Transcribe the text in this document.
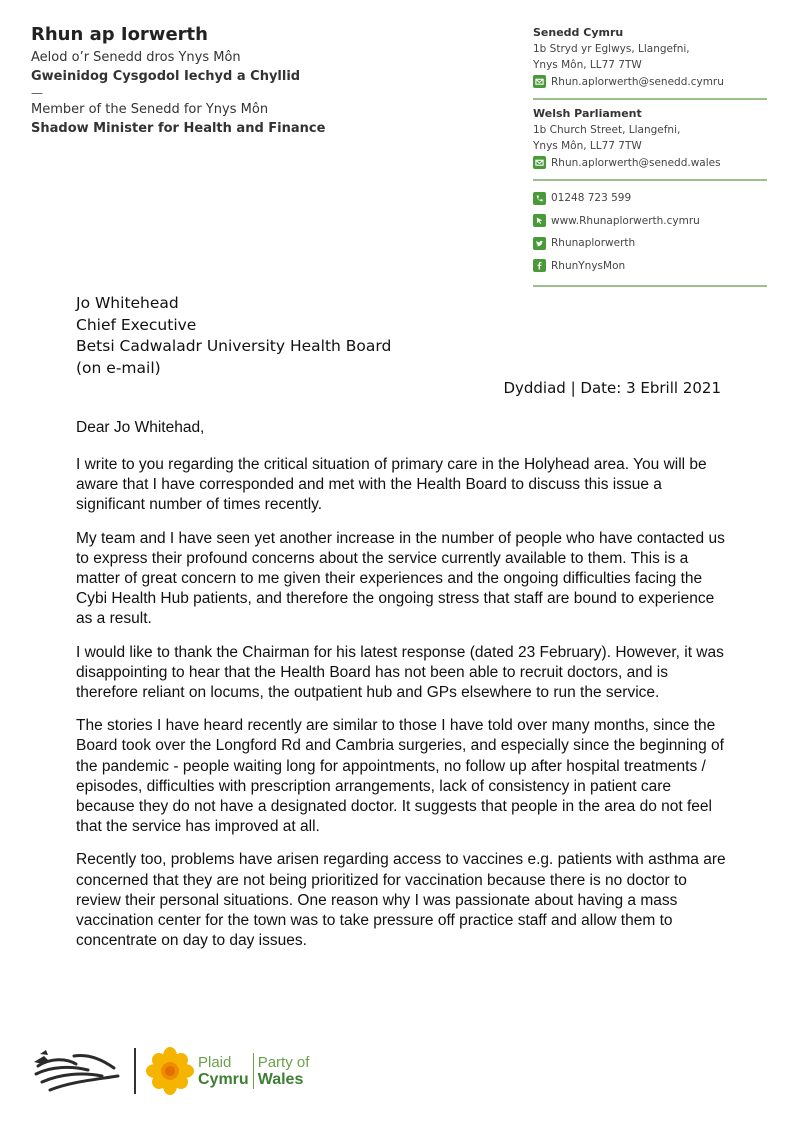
Rhun ap Iorwerth
Aelod o’r Senedd dros Ynys Môn
Gweinidog Cysgodol Iechyd a Chyllid
—
Member of the Senedd for Ynys Môn
Shadow Minister for Health and Finance
Senedd Cymru
1b Stryd yr Eglwys, Llangefni,
Ynys Môn, LL77 7TW
Rhun.aplorwerth@senedd.cymru
Welsh Parliament
1b Church Street, Llangefni,
Ynys Môn, LL77 7TW
Rhun.aplorwerth@senedd.wales
01248 723 599
www.Rhunaplorwerth.cymru
Rhunaplorwerth
RhunYnysMon
Jo Whitehead
Chief Executive
Betsi Cadwaladr University Health Board
(on e-mail)
Dyddiad | Date: 3 Ebrill 2021
Dear Jo Whitehad,

I write to you regarding the critical situation of primary care in the Holyhead area. You will be aware that I have corresponded and met with the Health Board to discuss this issue a significant number of times recently.

My team and I have seen yet another increase in the number of people who have contacted us to express their profound concerns about the service currently available to them. This is a matter of great concern to me given their experiences and the ongoing difficulties facing the Cybi Health Hub patients, and therefore the ongoing stress that staff are bound to experience as a result.

I would like to thank the Chairman for his latest response (dated 23 February). However, it was disappointing to hear that the Health Board has not been able to recruit doctors, and is therefore reliant on locums, the outpatient hub and GPs elsewhere to run the service.

The stories I have heard recently are similar to those I have told over many months, since the Board took over the Longford Rd and Cambria surgeries, and especially since the beginning of the pandemic - people waiting long for appointments, no follow up after hospital treatments / episodes, difficulties with prescription arrangements, lack of consistency in patient care because they do not have a designated doctor. It suggests that people in the area do not feel that the service has improved at all.

Recently too, problems have arisen regarding access to vaccines e.g. patients with asthma are concerned that they are not being prioritized for vaccination because there is no doctor to review their personal situations. One reason why I was passionate about having a mass vaccination center for the town was to take pressure off practice staff and allow them to concentrate on day to day issues.

Plaid
Cymru
Party of
Wales
